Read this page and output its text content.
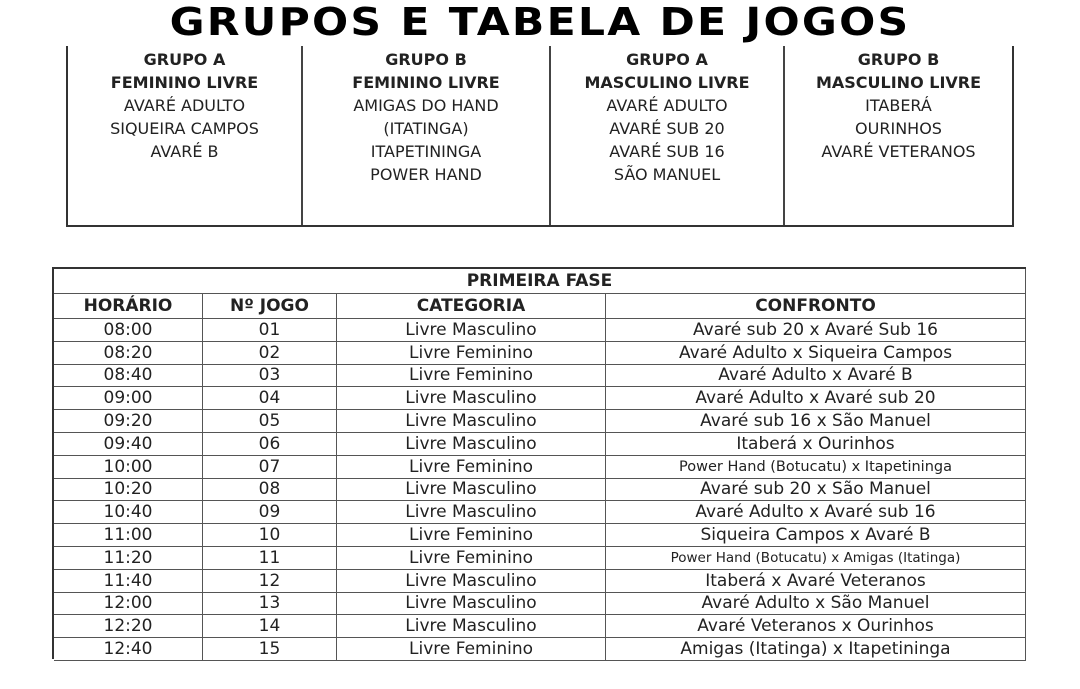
GRUPOS E TABELA DE JOGOS
GRUPO A
FEMININO LIVRE
AVARÉ ADULTO
SIQUEIRA CAMPOS
AVARÉ B
GRUPO B
FEMININO LIVRE
AMIGAS DO HAND
(ITATINGA)
ITAPETININGA
POWER HAND
GRUPO A
MASCULINO LIVRE
AVARÉ ADULTO
AVARÉ SUB 20
AVARÉ SUB 16
SÃO MANUEL
GRUPO B
MASCULINO LIVRE
ITABERÁ
OURINHOS
AVARÉ VETERANOS
PRIMEIRA FASE			
HORÁRIO	Nº JOGO	CATEGORIA	CONFRONTO
08:00	01	Livre Masculino	Avaré sub 20 x Avaré Sub 16
08:20	02	Livre Feminino	Avaré Adulto x Siqueira Campos
08:40	03	Livre Feminino	Avaré Adulto x Avaré B
09:00	04	Livre Masculino	Avaré Adulto x Avaré sub 20
09:20	05	Livre Masculino	Avaré sub 16 x São Manuel
09:40	06	Livre Masculino	Itaberá x Ourinhos
10:00	07	Livre Feminino	Power Hand (Botucatu) x Itapetininga
10:20	08	Livre Masculino	Avaré sub 20 x São Manuel
10:40	09	Livre Masculino	Avaré Adulto x Avaré sub 16
11:00	10	Livre Feminino	Siqueira Campos x Avaré B
11:20	11	Livre Feminino	Power Hand (Botucatu) x Amigas (Itatinga)
11:40	12	Livre Masculino	Itaberá x Avaré Veteranos
12:00	13	Livre Masculino	Avaré Adulto x São Manuel
12:20	14	Livre Masculino	Avaré Veteranos x Ourinhos
12:40	15	Livre Feminino	Amigas (Itatinga) x Itapetininga
